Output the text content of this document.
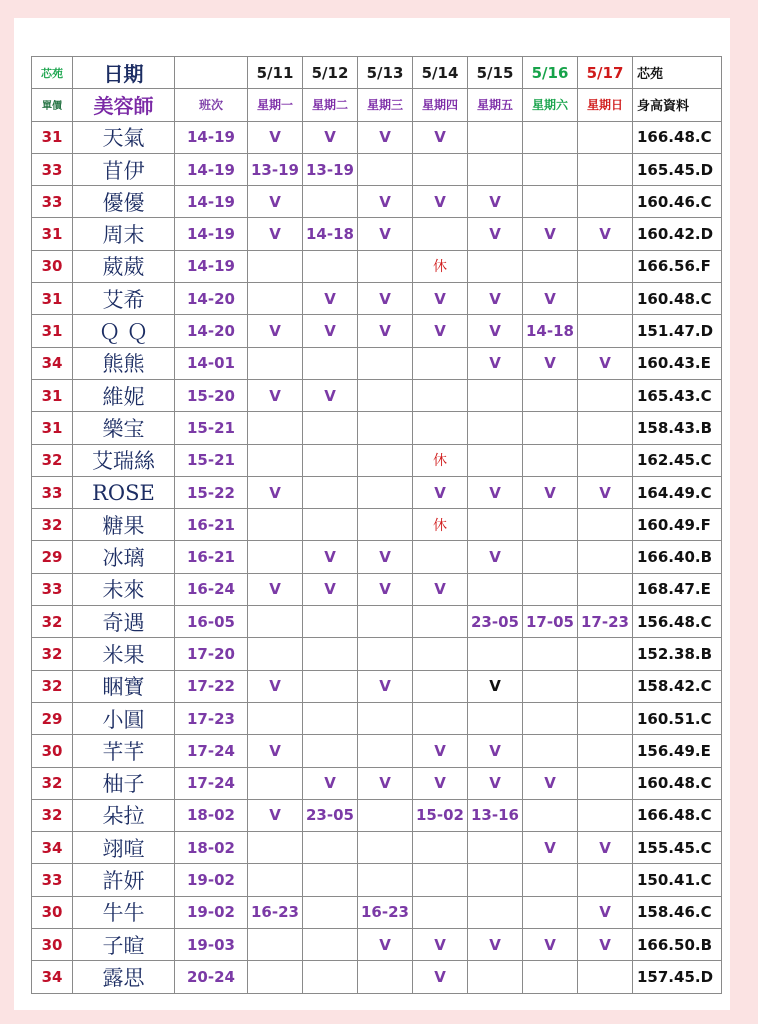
芯苑	日期		5/11	5/12	5/13	5/14	5/15	5/16	5/17	芯苑
單價	美容師	班次	星期一	星期二	星期三	星期四	星期五	星期六	星期日	身高資料
31	天氣	14-19	V	V	V	V				166.48.C
33	苜伊	14-19	13-19	13-19						165.45.D
33	優優	14-19	V		V	V	V			160.46.C
31	周末	14-19	V	14-18	V		V	V	V	160.42.D
30	葳葳	14-19				休				166.56.F
31	艾希	14-20		V	V	V	V	V		160.48.C
31	Ｑ Ｑ	14-20	V	V	V	V	V	14-18		151.47.D
34	熊熊	14-01					V	V	V	160.43.E
31	維妮	15-20	V	V						165.43.C
31	樂宝	15-21								158.43.B
32	艾瑞絲	15-21				休				162.45.C
33	ROSE	15-22	V			V	V	V	V	164.49.C
32	糖果	16-21				休				160.49.F
29	冰璃	16-21		V	V		V			166.40.B
33	未來	16-24	V	V	V	V				168.47.E
32	奇遇	16-05					23-05	17-05	17-23	156.48.C
32	米果	17-20								152.38.B
32	睏寶	17-22	V		V		V			158.42.C
29	小圓	17-23								160.51.C
30	芊芊	17-24	V			V	V			156.49.E
32	柚子	17-24		V	V	V	V	V		160.48.C
32	朵拉	18-02	V	23-05		15-02	13-16			166.48.C
34	翊喧	18-02						V	V	155.45.C
33	許妍	19-02								150.41.C
30	牛牛	19-02	16-23		16-23				V	158.46.C
30	子暄	19-03			V	V	V	V	V	166.50.B
34	露思	20-24				V				157.45.D
